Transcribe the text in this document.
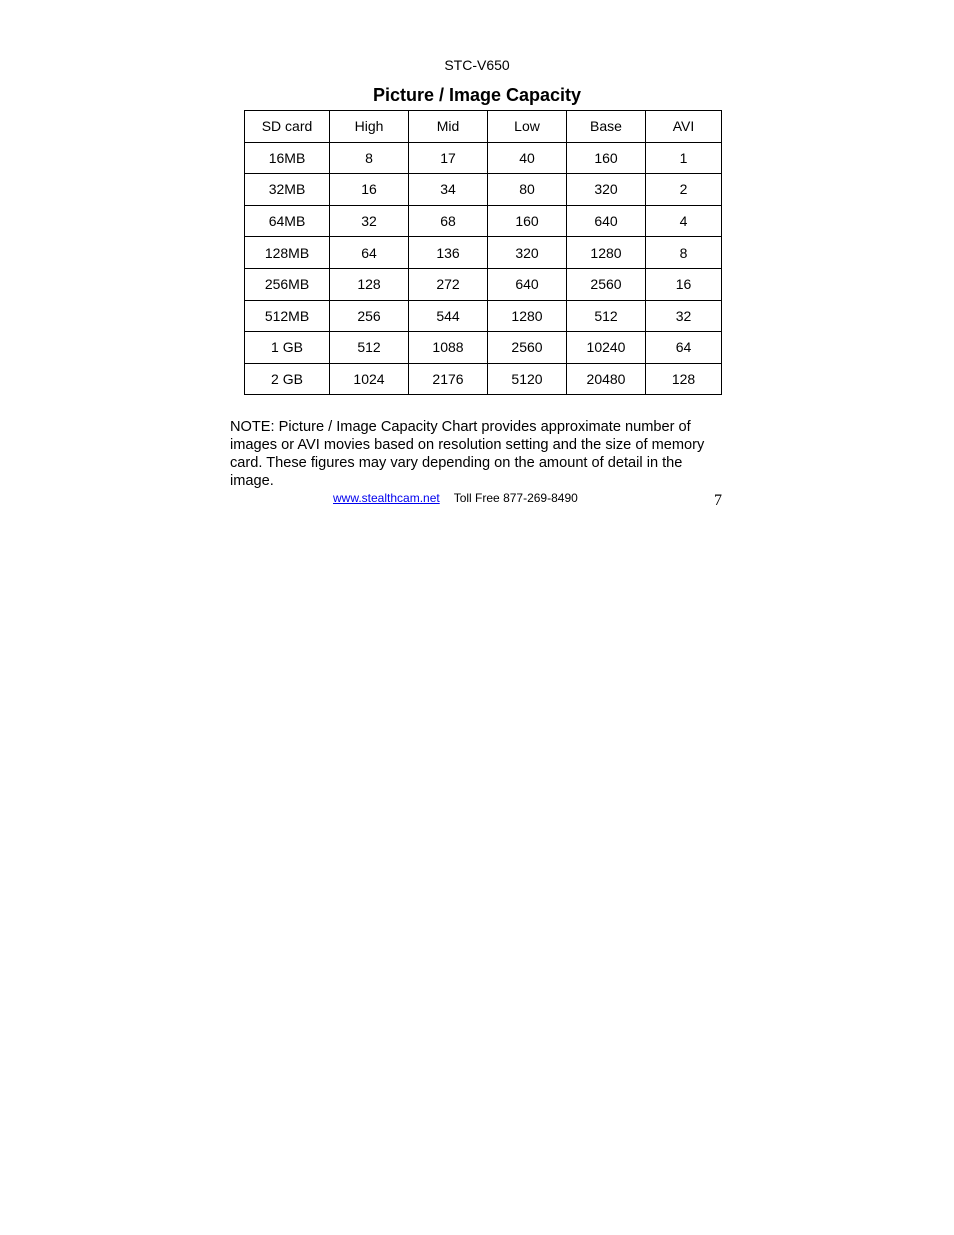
STC-V650
Picture / Image Capacity
SD card	High	Mid	Low	Base	AVI
16MB	8	17	40	160	1
32MB	16	34	80	320	2
64MB	32	68	160	640	4
128MB	64	136	320	1280	8
256MB	128	272	640	2560	16
512MB	256	544	1280	512	32
1 GB	512	1088	2560	10240	64
2 GB	1024	2176	5120	20480	128
NOTE: Picture / Image Capacity Chart provides approximate number of images or AVI movies based on resolution setting and the size of memory card. These figures may vary depending on the amount of detail in the image.
www.stealthcam.net Toll Free 877-269-8490	7
